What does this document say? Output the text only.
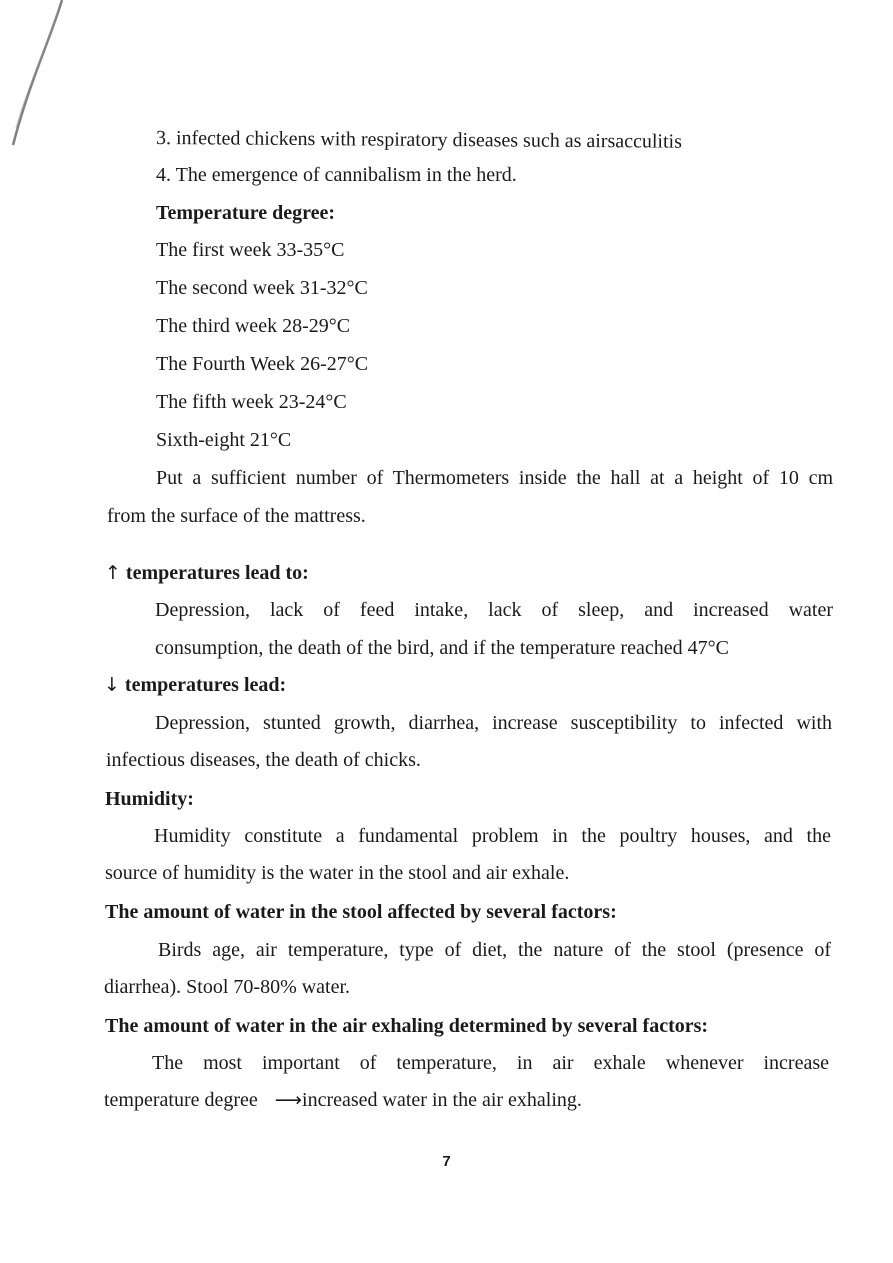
3. infected chickens with respiratory diseases such as airsacculitis
4. The emergence of cannibalism in the herd.
Temperature degree:
The first week 33-35°C
The second week 31-32°C
The third week 28-29°C
The Fourth Week 26-27°C
The fifth week 23-24°C
Sixth-eight 21°C
Put a sufficient number of Thermometers inside the hall at a height of 10 cm
from the surface of the mattress.
↑ temperatures lead to:
Depression, lack of feed intake, lack of sleep, and increased water
consumption, the death of the bird, and if the temperature reached 47°C
↓ temperatures lead:
Depression, stunted growth, diarrhea, increase susceptibility to infected with
infectious diseases, the death of chicks.
Humidity:
Humidity constitute a fundamental problem in the poultry houses, and the
source of humidity is the water in the stool and air exhale.
The amount of water in the stool affected by several factors:
Birds age, air temperature, type of diet, the nature of the stool (presence of
diarrhea). Stool 70-80% water.
The amount of water in the air exhaling determined by several factors:
The most important of temperature, in air exhale whenever increase
temperature degree ⟶increased water in the air exhaling.
7
